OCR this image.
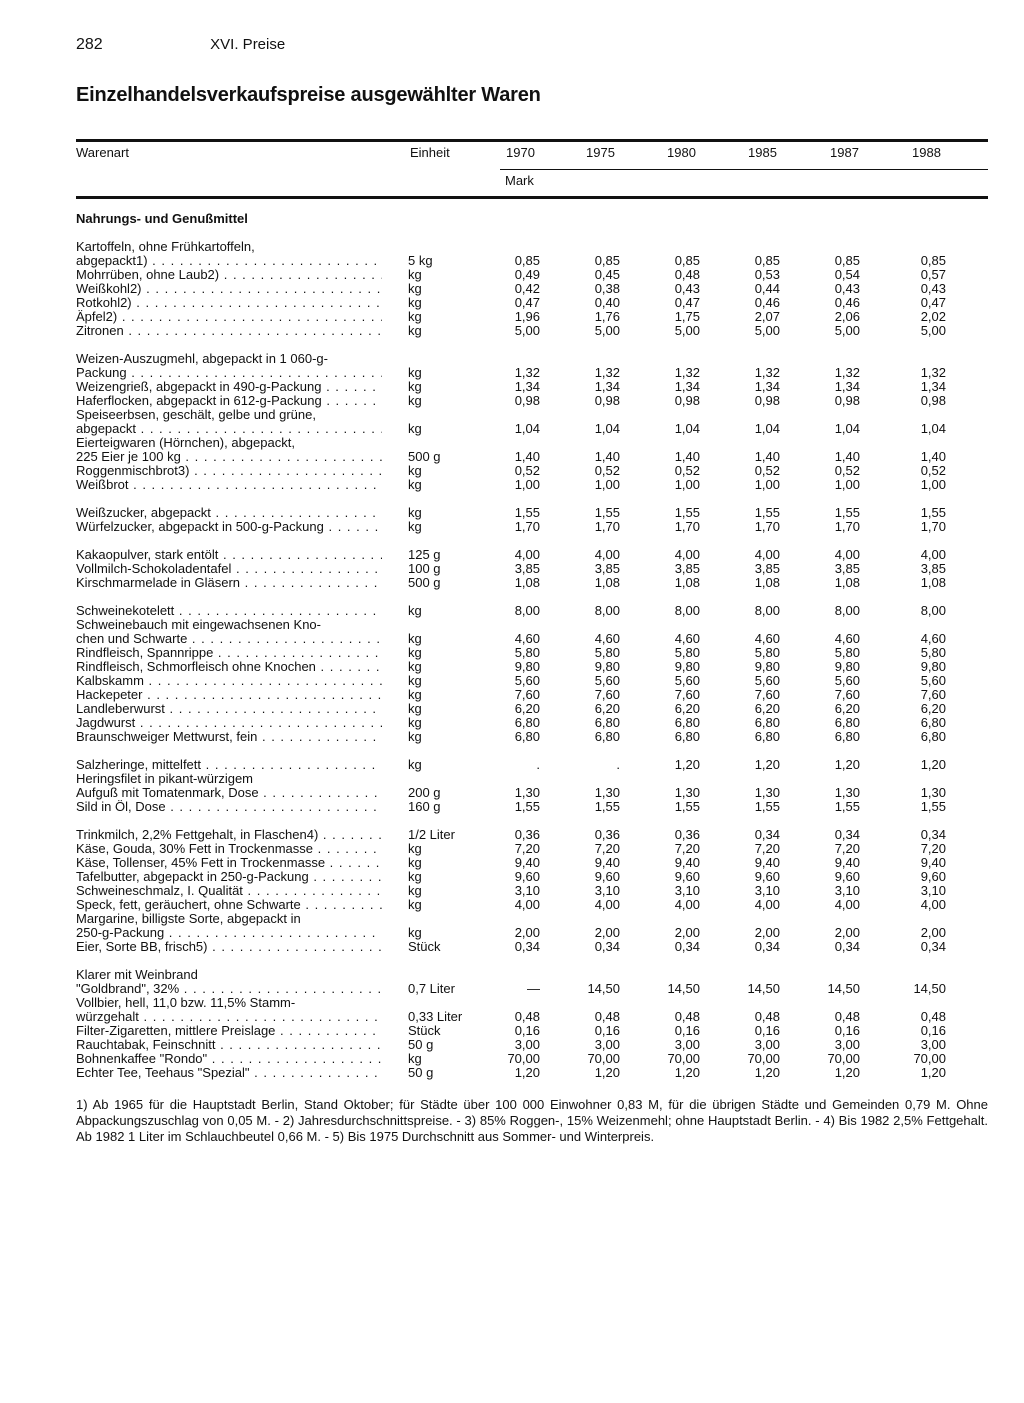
282	XVI. Preise
Einzelhandelsverkaufspreise ausgewählter Waren
Warenart	Einheit	1970	1975	1980	1985	1987	1988
Mark
Nahrungs- und Genußmittel
Kartoffeln, ohne Frühkartoffeln,
abgepackt1) . . .	5 kg	0,85	0,85	0,85	0,85	0,85	0,85
Mohrrüben, ohne Laub2) . . .	kg	0,49	0,45	0,48	0,53	0,54	0,57
Weißkohl2) . . .	kg	0,42	0,38	0,43	0,44	0,43	0,43
Rotkohl2) . . .	kg	0,47	0,40	0,47	0,46	0,46	0,47
Äpfel2) . . .	kg	1,96	1,76	1,75	2,07	2,06	2,02
Zitronen . . .	kg	5,00	5,00	5,00	5,00	5,00	5,00
Weizen-Auszugmehl, abgepackt in 1 060-g-
Packung . . .	kg	1,32	1,32	1,32	1,32	1,32	1,32
Weizengrieß, abgepackt in 490-g-Packung . . .	kg	1,34	1,34	1,34	1,34	1,34	1,34
Haferflocken, abgepackt in 612-g-Packung . . .	kg	0,98	0,98	0,98	0,98	0,98	0,98
Speiseerbsen, geschält, gelbe und grüne,
abgepackt . . .	kg	1,04	1,04	1,04	1,04	1,04	1,04
Eierteigwaren (Hörnchen), abgepackt,
225 Eier je 100 kg . . .	500 g	1,40	1,40	1,40	1,40	1,40	1,40
Roggenmischbrot3) . . .	kg	0,52	0,52	0,52	0,52	0,52	0,52
Weißbrot . . .	kg	1,00	1,00	1,00	1,00	1,00	1,00
Weißzucker, abgepackt . . .	kg	1,55	1,55	1,55	1,55	1,55	1,55
Würfelzucker, abgepackt in 500-g-Packung . . .	kg	1,70	1,70	1,70	1,70	1,70	1,70
Kakaopulver, stark entölt . . .	125 g	4,00	4,00	4,00	4,00	4,00	4,00
Vollmilch-Schokoladentafel . . .	100 g	3,85	3,85	3,85	3,85	3,85	3,85
Kirschmarmelade in Gläsern . . .	500 g	1,08	1,08	1,08	1,08	1,08	1,08
Schweinekotelett . . .	kg	8,00	8,00	8,00	8,00	8,00	8,00
Schweinebauch mit eingewachsenen Kno-
chen und Schwarte . . .	kg	4,60	4,60	4,60	4,60	4,60	4,60
Rindfleisch, Spannrippe . . .	kg	5,80	5,80	5,80	5,80	5,80	5,80
Rindfleisch, Schmorfleisch ohne Knochen . . .	kg	9,80	9,80	9,80	9,80	9,80	9,80
Kalbskamm . . .	kg	5,60	5,60	5,60	5,60	5,60	5,60
Hackepeter . . .	kg	7,60	7,60	7,60	7,60	7,60	7,60
Landleberwurst . . .	kg	6,20	6,20	6,20	6,20	6,20	6,20
Jagdwurst . . .	kg	6,80	6,80	6,80	6,80	6,80	6,80
Braunschweiger Mettwurst, fein . . .	kg	6,80	6,80	6,80	6,80	6,80	6,80
Salzheringe, mittelfett . . .	kg	.	.	1,20	1,20	1,20	1,20
Heringsfilet in pikant-würzigem
Aufguß mit Tomatenmark, Dose . . .	200 g	1,30	1,30	1,30	1,30	1,30	1,30
Sild in Öl, Dose . . .	160 g	1,55	1,55	1,55	1,55	1,55	1,55
Trinkmilch, 2,2% Fettgehalt, in Flaschen4) . . .	1/2 Liter	0,36	0,36	0,36	0,34	0,34	0,34
Käse, Gouda, 30% Fett in Trockenmasse . . .	kg	7,20	7,20	7,20	7,20	7,20	7,20
Käse, Tollenser, 45% Fett in Trockenmasse . . .	kg	9,40	9,40	9,40	9,40	9,40	9,40
Tafelbutter, abgepackt in 250-g-Packung . . .	kg	9,60	9,60	9,60	9,60	9,60	9,60
Schweineschmalz, I. Qualität . . .	kg	3,10	3,10	3,10	3,10	3,10	3,10
Speck, fett, geräuchert, ohne Schwarte . . .	kg	4,00	4,00	4,00	4,00	4,00	4,00
Margarine, billigste Sorte, abgepackt in
250-g-Packung . . .	kg	2,00	2,00	2,00	2,00	2,00	2,00
Eier, Sorte BB, frisch5) . . .	Stück	0,34	0,34	0,34	0,34	0,34	0,34
Klarer mit Weinbrand
"Goldbrand", 32% . . .	0,7 Liter	—	14,50	14,50	14,50	14,50	14,50
Vollbier, hell, 11,0 bzw. 11,5% Stamm-
würzgehalt . . .	0,33 Liter	0,48	0,48	0,48	0,48	0,48	0,48
Filter-Zigaretten, mittlere Preislage . . .	Stück	0,16	0,16	0,16	0,16	0,16	0,16
Rauchtabak, Feinschnitt . . .	50 g	3,00	3,00	3,00	3,00	3,00	3,00
Bohnenkaffee "Rondo" . . .	kg	70,00	70,00	70,00	70,00	70,00	70,00
Echter Tee, Teehaus "Spezial" . . .	50 g	1,20	1,20	1,20	1,20	1,20	1,20
1) Ab 1965 für die Hauptstadt Berlin, Stand Oktober; für Städte über 100 000 Einwohner 0,83 M, für die übrigen Städte und Gemeinden 0,79 M. Ohne Abpackungszuschlag von 0,05 M. - 2) Jahresdurchschnittspreise. - 3) 85% Roggen-, 15% Weizenmehl; ohne Hauptstadt Berlin. - 4) Bis 1982 2,5% Fettgehalt. Ab 1982 1 Liter im Schlauchbeutel 0,66 M. - 5) Bis 1975 Durchschnitt aus Sommer- und Winterpreis.
